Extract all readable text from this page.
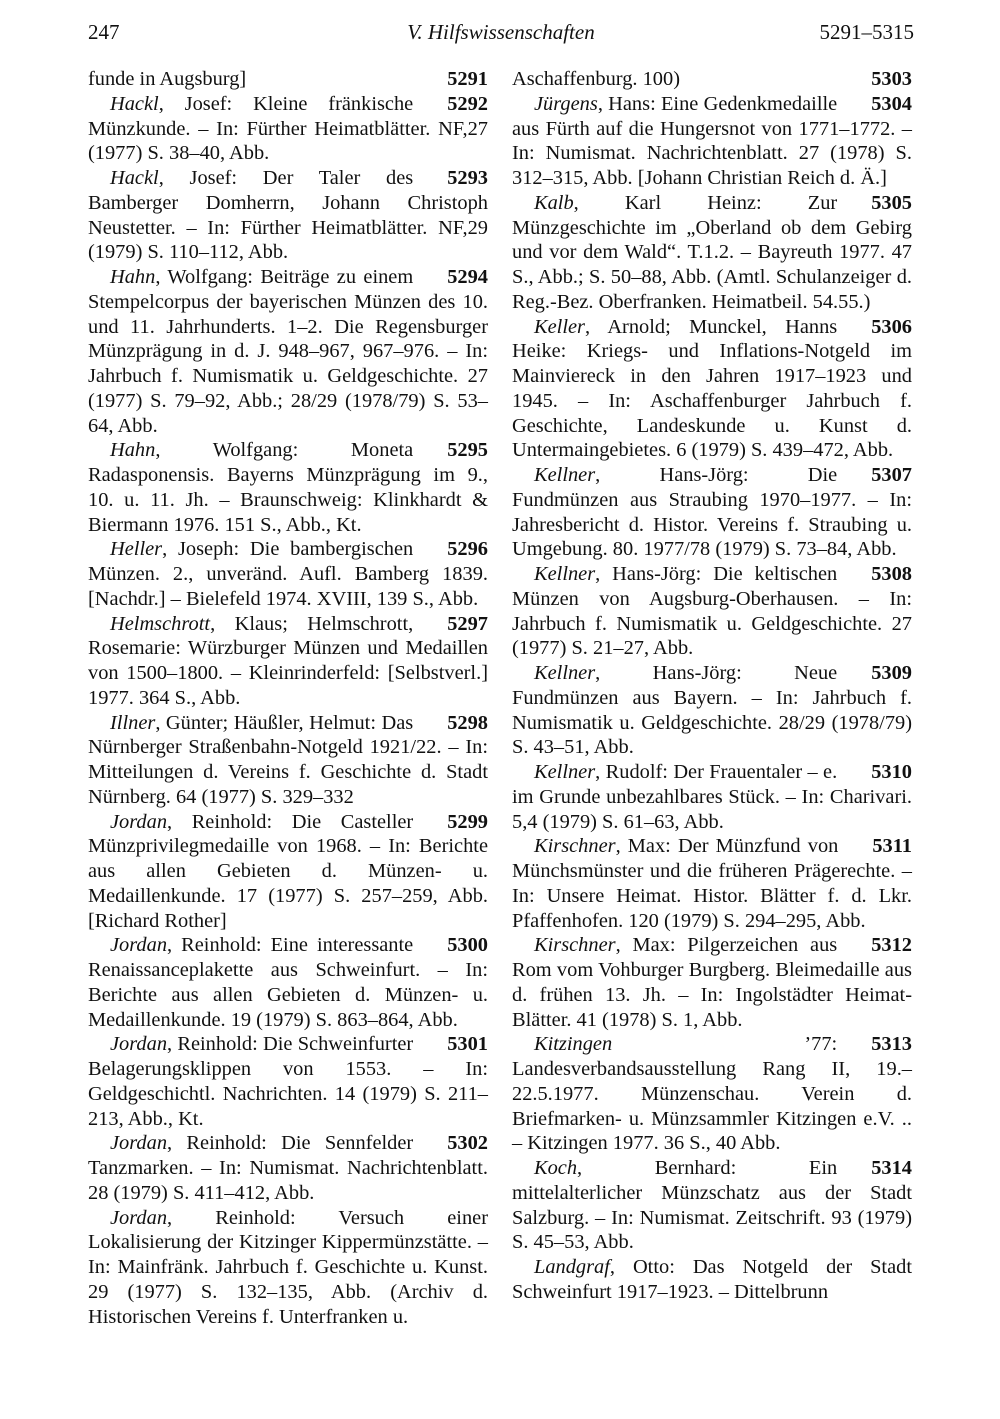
247	V. Hilfswissenschaften	5291–5315

5291
funde in Augsburg]

5292
Hackl, Josef: Kleine fränkische Münzkunde. – In: Fürther Heimatblätter. NF,27 (1977) S. 38–40, Abb.

5293
Hackl, Josef: Der Taler des Bamberger Domherrn, Johann Christoph Neustetter. – In: Fürther Heimatblätter. NF,29 (1979) S. 110–112, Abb.

5294
Hahn, Wolfgang: Beiträge zu einem Stempelcorpus der bayerischen Münzen des 10. und 11. Jahrhunderts. 1–2. Die Regensburger Münzprägung in d. J. 948–967, 967–976. – In: Jahrbuch f. Numismatik u. Geldgeschichte. 27 (1977) S. 79–92, Abb.; 28/29 (1978/79) S. 53–64, Abb.

5295
Hahn, Wolfgang: Moneta Radasponensis. Bayerns Münzprägung im 9., 10. u. 11. Jh. – Braunschweig: Klinkhardt & Biermann 1976. 151 S., Abb., Kt.

5296
Heller, Joseph: Die bambergischen Münzen. 2., unveränd. Aufl. Bamberg 1839. [Nachdr.] – Bielefeld 1974. XVIII, 139 S., Abb.

5297
Helmschrott, Klaus; Helmschrott, Rosemarie: Würzburger Münzen und Medaillen von 1500–1800. – Kleinrinderfeld: [Selbstverl.] 1977. 364 S., Abb.

5298
Illner, Günter; Häußler, Helmut: Das Nürnberger Straßenbahn-Notgeld 1921/22. – In: Mitteilungen d. Vereins f. Geschichte d. Stadt Nürnberg. 64 (1977) S. 329–332

5299
Jordan, Reinhold: Die Casteller Münzprivilegmedaille von 1968. – In: Berichte aus allen Gebieten d. Münzen- u. Medaillenkunde. 17 (1977) S. 257–259, Abb. [Richard Rother]

5300
Jordan, Reinhold: Eine interessante Renaissanceplakette aus Schweinfurt. – In: Berichte aus allen Gebieten d. Münzen- u. Medaillenkunde. 19 (1979) S. 863–864, Abb.

5301
Jordan, Reinhold: Die Schweinfurter Belagerungsklippen von 1553. – In: Geldgeschichtl. Nachrichten. 14 (1979) S. 211–213, Abb., Kt.

5302
Jordan, Reinhold: Die Sennfelder Tanzmarken. – In: Numismat. Nachrichtenblatt. 28 (1979) S. 411–412, Abb.

Jordan, Reinhold: Versuch einer Lokalisierung der Kitzinger Kippermünzstätte. – In: Mainfränk. Jahrbuch f. Geschichte u. Kunst. 29 (1977) S. 132–135, Abb. (Archiv d. Historischen Vereins f. Unterfranken u.

5303
Aschaffenburg. 100)

5304
Jürgens, Hans: Eine Gedenkmedaille aus Fürth auf die Hungersnot von 1771–1772. – In: Numismat. Nachrichtenblatt. 27 (1978) S. 312–315, Abb. [Johann Christian Reich d. Ä.]

5305
Kalb, Karl Heinz: Zur Münzgeschichte im „Oberland ob dem Gebirg und vor dem Wald“. T.1.2. – Bayreuth 1977. 47 S., Abb.; S. 50–88, Abb. (Amtl. Schulanzeiger d. Reg.-Bez. Oberfranken. Heimatbeil. 54.55.)

5306
Keller, Arnold; Munckel, Hanns Heike: Kriegs- und Inflations-Notgeld im Mainviereck in den Jahren 1917–1923 und 1945. – In: Aschaffenburger Jahrbuch f. Geschichte, Landeskunde u. Kunst d. Untermaingebietes. 6 (1979) S. 439–472, Abb.

5307
Kellner, Hans-Jörg: Die Fundmünzen aus Straubing 1970–1977. – In: Jahresbericht d. Histor. Vereins f. Straubing u. Umgebung. 80. 1977/78 (1979) S. 73–84, Abb.

5308
Kellner, Hans-Jörg: Die keltischen Münzen von Augsburg-Oberhausen. – In: Jahrbuch f. Numismatik u. Geldgeschichte. 27 (1977) S. 21–27, Abb.

5309
Kellner, Hans-Jörg: Neue Fundmünzen aus Bayern. – In: Jahrbuch f. Numismatik u. Geldgeschichte. 28/29 (1978/79) S. 43–51, Abb.

5310
Kellner, Rudolf: Der Frauentaler – e. im Grunde unbezahlbares Stück. – In: Charivari. 5,4 (1979) S. 61–63, Abb.

5311
Kirschner, Max: Der Münzfund von Münchsmünster und die früheren Prägerechte. – In: Unsere Heimat. Histor. Blätter f. d. Lkr. Pfaffenhofen. 120 (1979) S. 294–295, Abb.

5312
Kirschner, Max: Pilgerzeichen aus Rom vom Vohburger Burgberg. Bleimedaille aus d. frühen 13. Jh. – In: Ingolstädter Heimat-Blätter. 41 (1978) S. 1, Abb.

5313
Kitzingen ’77: Landesverbandsausstellung Rang II, 19.–22.5.1977. Münzenschau. Verein d. Briefmarken- u. Münzsammler Kitzingen e.V. .. – Kitzingen 1977. 36 S., 40 Abb.

5314
Koch, Bernhard: Ein mittelalterlicher Münzschatz aus der Stadt Salzburg. – In: Numismat. Zeitschrift. 93 (1979) S. 45–53, Abb.

Landgraf, Otto: Das Notgeld der Stadt Schweinfurt 1917–1923. – Dittelbrunn
